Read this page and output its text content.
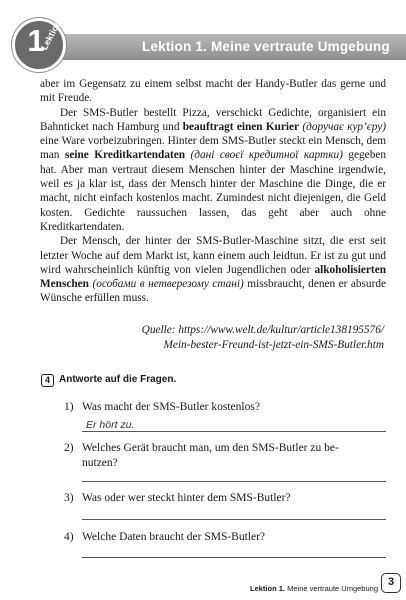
Lektion 1. Meine vertraute Umgebung
1
Lektion

aber im Gegensatz zu einem selbst macht der Handy-Butler das gerne und mit Freude.

Der SMS-Butler bestellt Pizza, verschickt Gedichte, organisiert ein Bahnticket nach Hamburg und beauftragt einen Kurier (доручає кур’єру) eine Ware vorbeizubringen. Hinter dem SMS-Butler steckt ein Mensch, dem man seine Kreditkartendaten (дані своєї кредитної картки) gegeben hat. Aber man vertraut diesem Menschen hinter der Maschine irgendwie, weil es ja klar ist, dass der Mensch hinter der Maschine die Dinge, die er macht, nicht einfach kostenlos macht. Zumindest nicht diejenigen, die Geld kosten. Gedichte raussuchen lassen, das geht aber auch ohne Kreditkartendaten.

Der Mensch, der hinter der SMS-Butler-Maschine sitzt, die erst seit letzter Woche auf dem Markt ist, kann einem auch leidtun. Er ist zu gut und wird wahrscheinlich künftig von vielen Jugendlichen oder alkoholisierten Menschen (особами в нетверезому стані) missbraucht, denen er absurde Wünsche erfüllen muss.

Quelle: https://www.welt.de/kultur/article138195576/
Mein-bester-Freund-ist-jetzt-ein-SMS-Butler.htm
4 Antworte auf die Fragen.
1) Was macht der SMS-Butler kostenlos?
Er hört zu.
2) Welches Gerät braucht man, um den SMS-Butler zu be-
nutzen?
3) Was oder wer steckt hinter dem SMS-Butler?
4) Welche Daten braucht der SMS-Butler?
Lektion 1. Meine vertraute Umgebung
3
